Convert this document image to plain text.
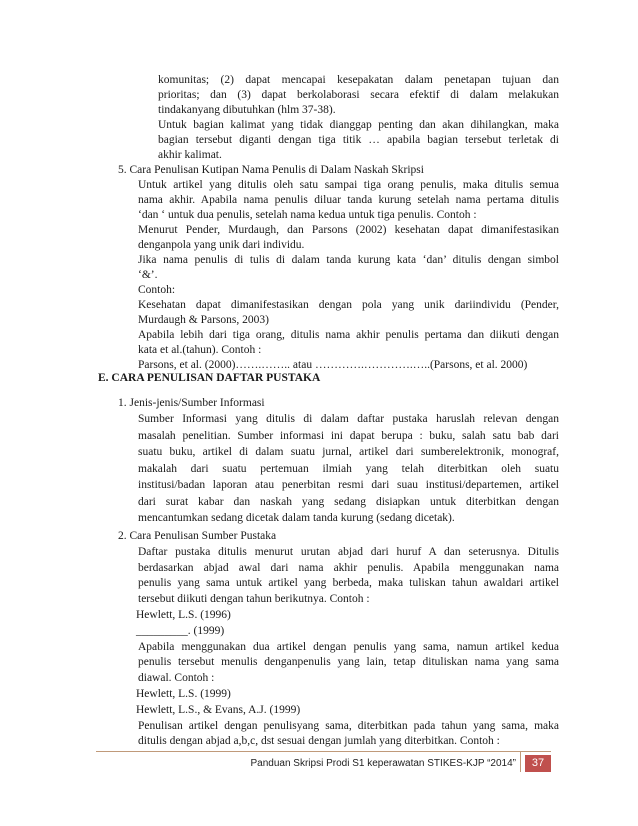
komunitas; (2) dapat mencapai kesepakatan dalam penetapan tujuan dan
prioritas; dan (3) dapat berkolaborasi secara efektif di dalam melakukan
tindakanyang dibutuhkan (hlm 37-38).
Untuk bagian kalimat yang tidak dianggap penting dan akan dihilangkan, maka
bagian tersebut diganti dengan tiga titik … apabila bagian tersebut terletak di
akhir kalimat.
5. Cara Penulisan Kutipan Nama Penulis di Dalam Naskah Skripsi
Untuk artikel yang ditulis oleh satu sampai tiga orang penulis, maka ditulis semua
nama akhir. Apabila nama penulis diluar tanda kurung setelah nama pertama ditulis
‘dan ‘ untuk dua penulis, setelah nama kedua untuk tiga penulis. Contoh :
Menurut Pender, Murdaugh, dan Parsons (2002) kesehatan dapat dimanifestasikan
denganpola yang unik dari individu.
Jika nama penulis di tulis di dalam tanda kurung kata ‘dan’ ditulis dengan simbol
‘&’.
Contoh:
Kesehatan dapat dimanifestasikan dengan pola yang unik dariindividu (Pender,
Murdaugh & Parsons, 2003)
Apabila lebih dari tiga orang, ditulis nama akhir penulis pertama dan diikuti dengan
kata et al.(tahun). Contoh :
Parsons, et al. (2000)…….…….. atau ………….………….…..(Parsons, et al. 2000)
E. CARA PENULISAN DAFTAR PUSTAKA
1. Jenis-jenis/Sumber Informasi
Sumber Informasi yang ditulis di dalam daftar pustaka haruslah relevan dengan
masalah penelitian. Sumber informasi ini dapat berupa : buku, salah satu bab dari
suatu buku, artikel di dalam suatu jurnal, artikel dari sumberelektronik, monograf,
makalah dari suatu pertemuan ilmiah yang telah diterbitkan oleh suatu
institusi/badan laporan atau penerbitan resmi dari suau institusi/departemen, artikel
dari surat kabar dan naskah yang sedang disiapkan untuk diterbitkan dengan
mencantumkan sedang dicetak dalam tanda kurung (sedang dicetak).
2. Cara Penulisan Sumber Pustaka
Daftar pustaka ditulis menurut urutan abjad dari huruf A dan seterusnya. Ditulis
berdasarkan abjad awal dari nama akhir penulis. Apabila menggunakan nama
penulis yang sama untuk artikel yang berbeda, maka tuliskan tahun awaldari artikel
tersebut diikuti dengan tahun berikutnya. Contoh :
Hewlett, L.S. (1996)
_________. (1999)
Apabila menggunakan dua artikel dengan penulis yang sama, namun artikel kedua
penulis tersebut menulis denganpenulis yang lain, tetap dituliskan nama yang sama
Panduan Skripsi Prodi S1 keperawatan STIKES-KJP “2014”	37
diawal. Contoh :
Hewlett, L.S. (1999)
Hewlett, L.S., & Evans, A.J. (1999)
Penulisan artikel dengan penulisyang sama, diterbitkan pada tahun yang sama, maka
ditulis dengan abjad a,b,c, dst sesuai dengan jumlah yang diterbitkan. Contoh :
